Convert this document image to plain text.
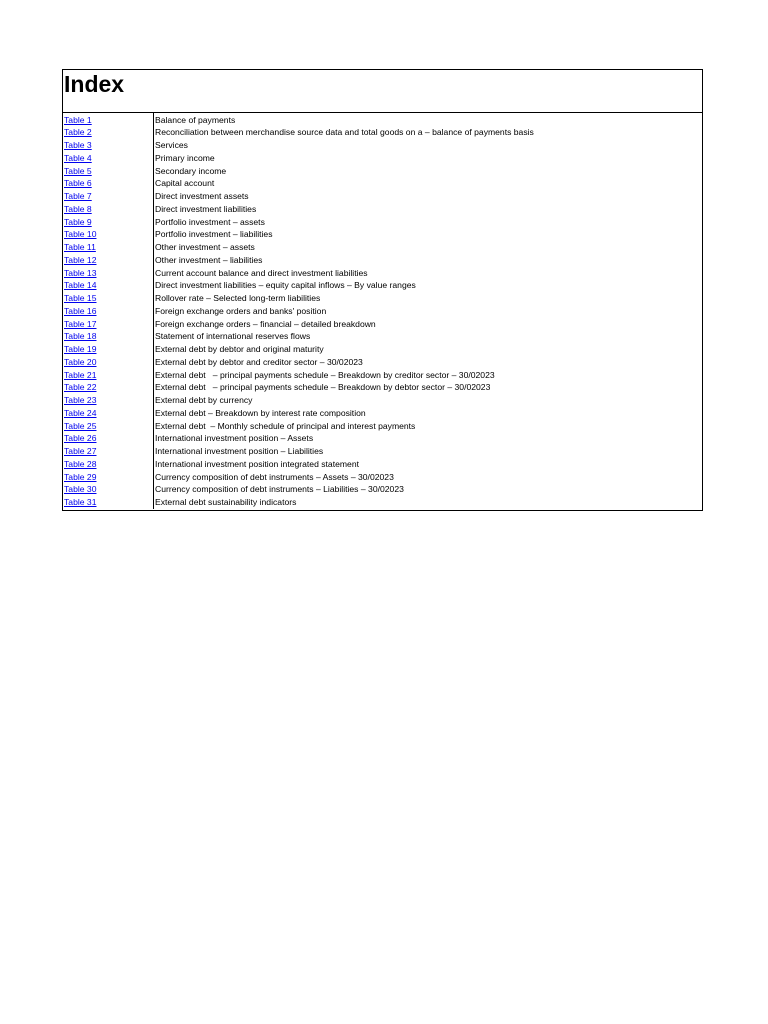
Index
Table 1	Balance of payments
Table 2	Reconciliation between merchandise source data and total goods on a – balance of payments basis
Table 3	Services
Table 4	Primary income
Table 5	Secondary income
Table 6	Capital account
Table 7	Direct investment assets
Table 8	Direct investment liabilities
Table 9	Portfolio investment – assets
Table 10	Portfolio investment – liabilities
Table 11	Other investment – assets
Table 12	Other investment – liabilities
Table 13	Current account balance and direct investment liabilities
Table 14	Direct investment liabilities – equity capital inflows – By value ranges
Table 15	Rollover rate – Selected long-term liabilities
Table 16	Foreign exchange orders and banks' position
Table 17	Foreign exchange orders – financial – detailed breakdown
Table 18	Statement of international reserves flows
Table 19	External debt by debtor and original maturity
Table 20	External debt by debtor and creditor sector – 30/02023
Table 21	External debt   – principal payments schedule – Breakdown by creditor sector – 30/02023
Table 22	External debt   – principal payments schedule – Breakdown by debtor sector – 30/02023
Table 23	External debt by currency
Table 24	External debt – Breakdown by interest rate composition
Table 25	External debt  – Monthly schedule of principal and interest payments
Table 26	International investment position – Assets
Table 27	International investment position – Liabilities
Table 28	International investment position integrated statement
Table 29	Currency composition of debt instruments – Assets – 30/02023
Table 30	Currency composition of debt instruments – Liabilities – 30/02023
Table 31	External debt sustainability indicators
